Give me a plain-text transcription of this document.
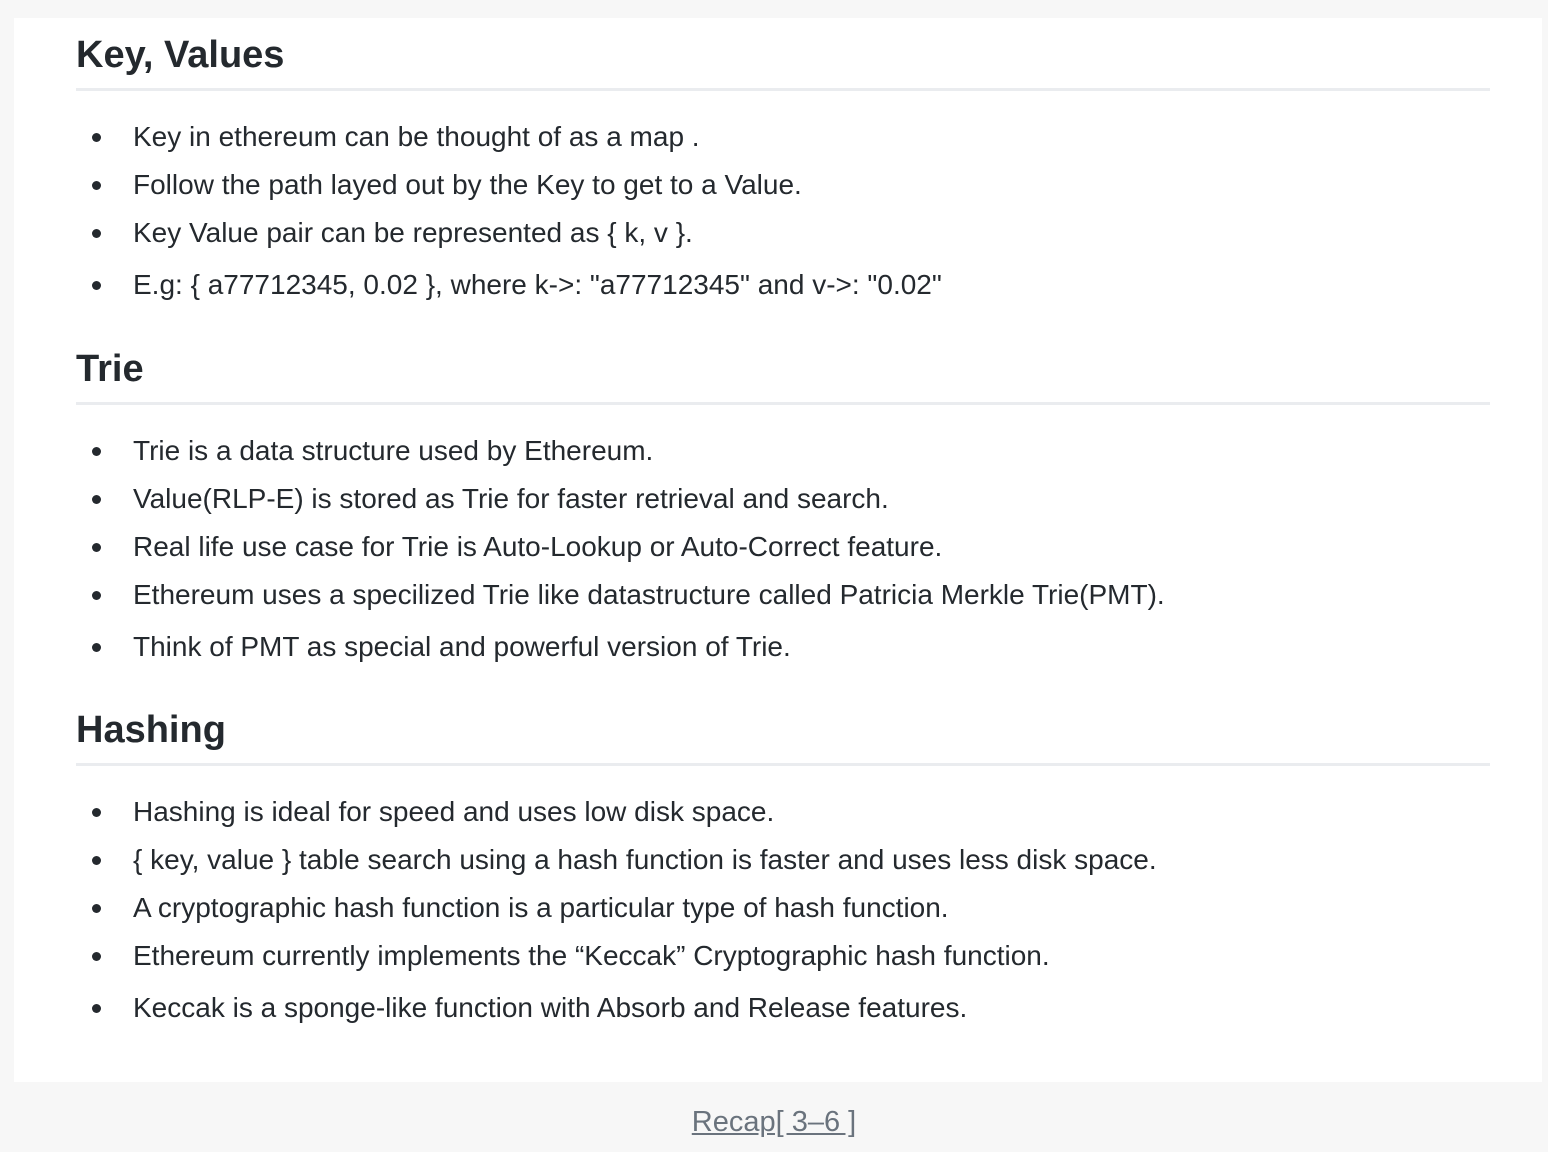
Key, Values
Key in ethereum can be thought of as a map .
Follow the path layed out by the Key to get to a Value.
Key Value pair can be represented as { k, v }.
E.g: { a77712345, 0.02 }, where k->: "a77712345" and v->: "0.02"
Trie
Trie is a data structure used by Ethereum.
Value(RLP-E) is stored as Trie for faster retrieval and search.
Real life use case for Trie is Auto-Lookup or Auto-Correct feature.
Ethereum uses a specilized Trie like datastructure called Patricia Merkle Trie(PMT).
Think of PMT as special and powerful version of Trie.
Hashing
Hashing is ideal for speed and uses low disk space.
{ key, value } table search using a hash function is faster and uses less disk space.
A cryptographic hash function is a particular type of hash function.
Ethereum currently implements the “Keccak” Cryptographic hash function.
Keccak is a sponge-like function with Absorb and Release features.
Recap[ 3–6 ]
